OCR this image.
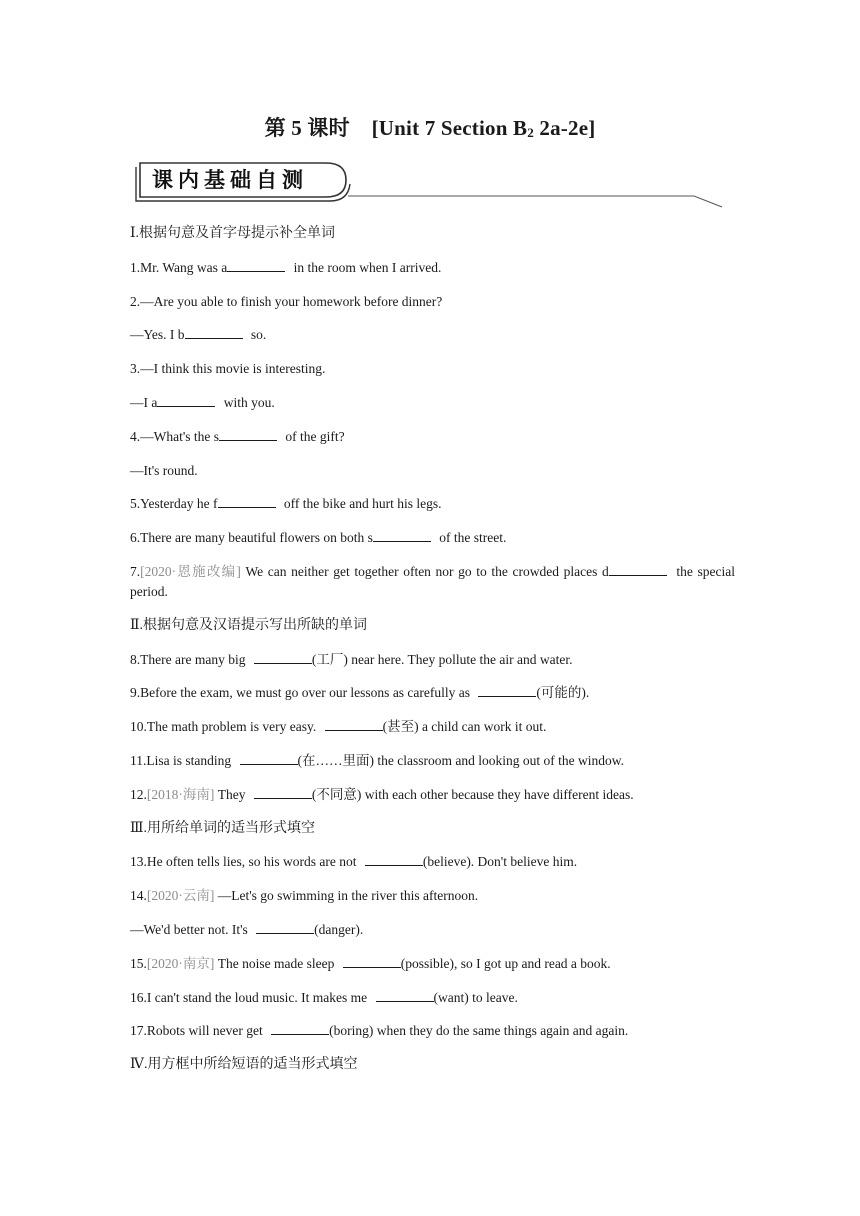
第 5 课时 [Unit 7 Section $B_2$ 2a-2e]
课内基础自测
Ⅰ.根据句意及首字母提示补全单词
1.Mr. Wang was a	in the room when I arrived.
2.—Are you able to finish your homework before dinner?
—Yes. I b	so.
3.—I think this movie is interesting.
—I a	with you.
4.—What's the s	of the gift?
—It's round.
5.Yesterday he f	off the bike and hurt his legs.
6.There are many beautiful flowers on both s	of the street.
7.[2020·恩施改编] We can neither get together often nor go to the crowded places d	the special period.
Ⅱ.根据句意及汉语提示写出所缺的单词
8.There are many big	(工厂) near here. They pollute the air and water.
9.Before the exam, we must go over our lessons as carefully as	(可能的).
10.The math problem is very easy.	(甚至) a child can work it out.
11.Lisa is standing	(在……里面) the classroom and looking out of the window.
12.[2018·海南] They	(不同意) with each other because they have different ideas.
Ⅲ.用所给单词的适当形式填空
13.He often tells lies, so his words are not	(believe). Don't believe him.
14.[2020·云南] —Let's go swimming in the river this afternoon.
—We'd better not. It's	(danger).
15.[2020·南京] The noise made sleep	(possible), so I got up and read a book.
16.I can't stand the loud music. It makes me	(want) to leave.
17.Robots will never get	(boring) when they do the same things again and again.
Ⅳ.用方框中所给短语的适当形式填空
